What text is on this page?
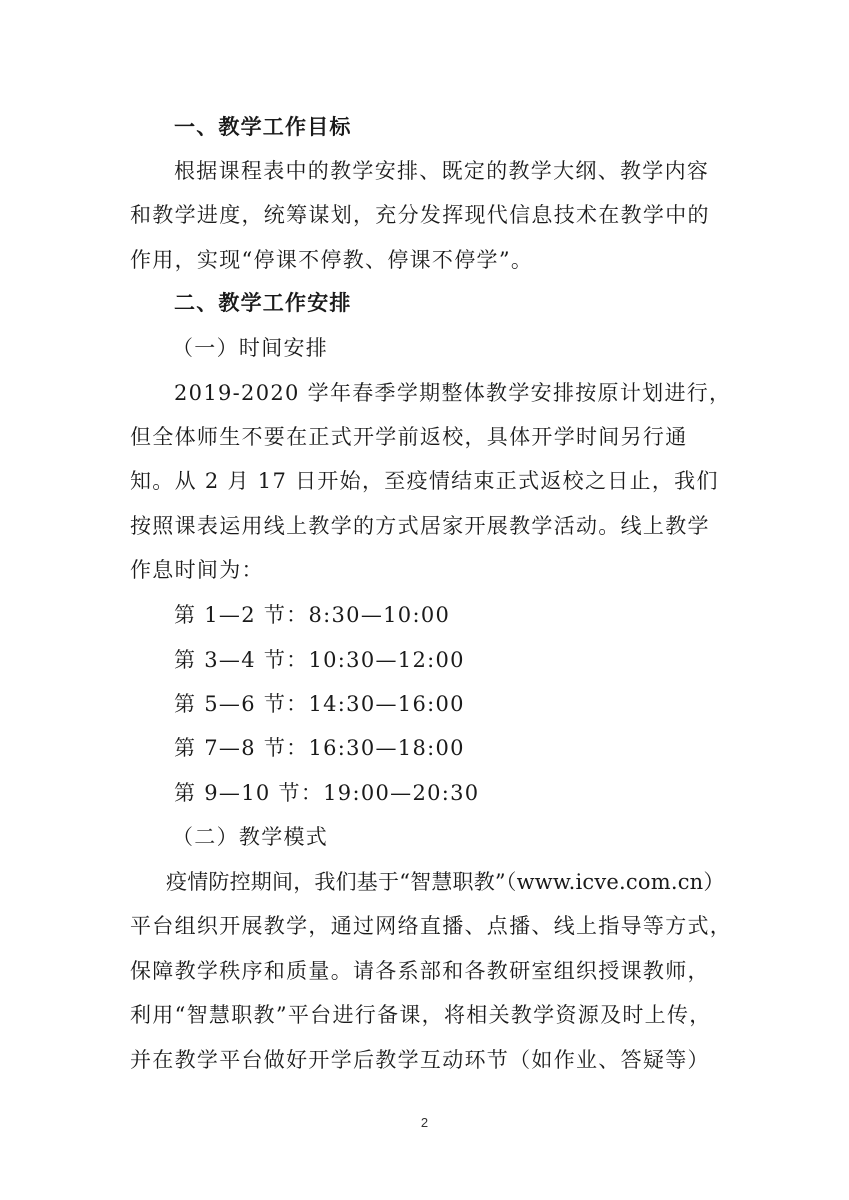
一、教学工作目标
根据课程表中的教学安排、既定的教学大纲、教学内容
和教学进度，统筹谋划，充分发挥现代信息技术在教学中的
作用，实现“停课不停教、停课不停学”。
二、教学工作安排
（一）时间安排
2019-2020 学年春季学期整体教学安排按原计划进行，
但全体师生不要在正式开学前返校，具体开学时间另行通
知。从 2 月 17 日开始，至疫情结束正式返校之日止，我们
按照课表运用线上教学的方式居家开展教学活动。线上教学
作息时间为：
第 1—2 节：8:30—10:00
第 3—4 节：10:30—12:00
第 5—6 节：14:30—16:00
第 7—8 节：16:30—18:00
第 9—10 节：19:00—20:30
（二）教学模式
疫情防控期间，我们基于“智慧职教”（www.icve.com.cn）
平台组织开展教学，通过网络直播、点播、线上指导等方式，
保障教学秩序和质量。请各系部和各教研室组织授课教师，
利用“智慧职教”平台进行备课，将相关教学资源及时上传，
并在教学平台做好开学后教学互动环节（如作业、答疑等）
2
